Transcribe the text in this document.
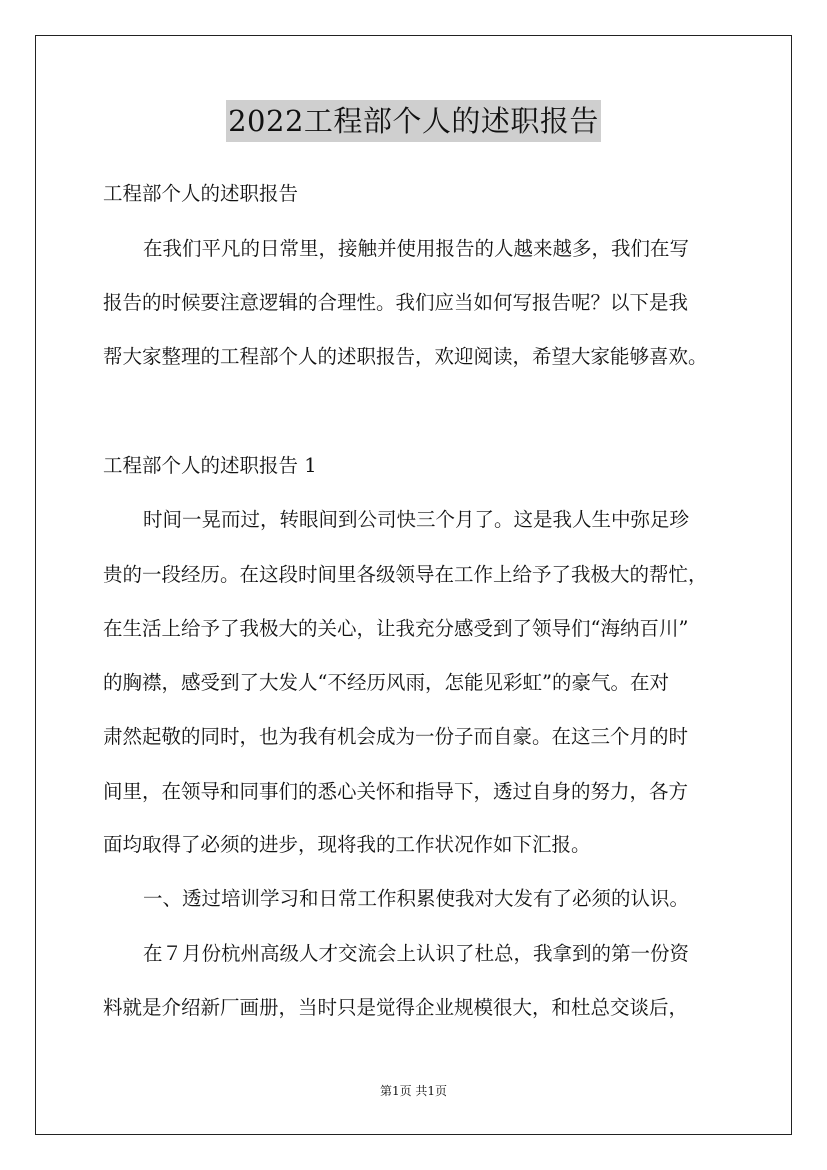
2022工程部个人的述职报告
工程部个人的述职报告
在我们平凡的日常里，接触并使用报告的人越来越多，我们在写
报告的时候要注意逻辑的合理性。我们应当如何写报告呢？以下是我
帮大家整理的工程部个人的述职报告，欢迎阅读，希望大家能够喜欢。
工程部个人的述职报告 1
时间一晃而过，转眼间到公司快三个月了。这是我人生中弥足珍
贵的一段经历。在这段时间里各级领导在工作上给予了我极大的帮忙，
在生活上给予了我极大的关心，让我充分感受到了领导们“海纳百川”
的胸襟，感受到了大发人“不经历风雨，怎能见彩虹”的豪气。在对
肃然起敬的同时，也为我有机会成为一份子而自豪。在这三个月的时
间里，在领导和同事们的悉心关怀和指导下，透过自身的努力，各方
面均取得了必须的进步，现将我的工作状况作如下汇报。
一、透过培训学习和日常工作积累使我对大发有了必须的认识。
在７月份杭州高级人才交流会上认识了杜总，我拿到的第一份资
料就是介绍新厂画册，当时只是觉得企业规模很大，和杜总交谈后，
第1页 共1页
